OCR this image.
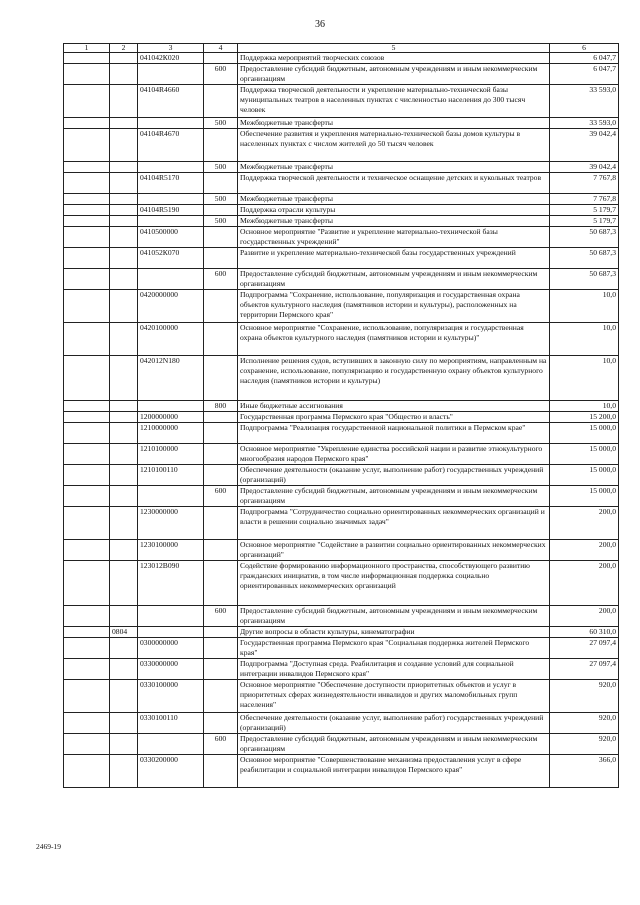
36
1	2	3	4	5	6
		041042К020		Поддержка мероприятий творческих союзов	6 047,7
			600	Предоставление субсидий бюджетным, автономным учреждениям и иным некоммерческим организациям	6 047,7
		04104R4660		Поддержка творческой деятельности и укрепление материально-технической базы муниципальных театров в населенных пунктах с численностью населения до 300 тысяч человек	33 593,0
			500	Межбюджетные трансферты	33 593,0
		04104R4670		Обеспечение развития и укрепления материально-технической базы домов культуры в населенных пунктах с числом жителей до 50 тысяч человек	39 042,4
			500	Межбюджетные трансферты	39 042,4
		04104R5170		Поддержка творческой деятельности и техническое оснащение детских и кукольных театров	7 767,8
			500	Межбюджетные трансферты	7 767,8
		04104R5190		Поддержка отрасли культуры	5 179,7
			500	Межбюджетные трансферты	5 179,7
		0410500000		Основное мероприятие "Развитие и укрепление материально-технической базы государственных учреждений"	50 687,3
		041052К070		Развитие и укрепление материально-технической базы государственных учреждений	50 687,3
			600	Предоставление субсидий бюджетным, автономным учреждениям и иным некоммерческим организациям	50 687,3
		0420000000		Подпрограмма "Сохранение, использование, популяризация и государственная охрана объектов культурного наследия (памятников истории и культуры), расположенных на территории Пермского края"	10,0
		0420100000		Основное мероприятие "Сохранение, использование, популяризация и государственная охрана объектов культурного наследия (памятников истории и культуры)"	10,0
		042012N180		Исполнение решения судов, вступивших в законную силу по мероприятиям, направленным на сохранение, использование, популяризацию и государственную охрану объектов культурного наследия (памятников истории и культуры)	10,0
			800	Иные бюджетные ассигнования	10,0
		1200000000		Государственная программа Пермского края "Общество и власть"	15 200,0
		1210000000		Подпрограмма "Реализация государственной национальной политики в Пермском крае"	15 000,0
		1210100000		Основное мероприятие "Укрепление единства российской нации и развитие этнокультурного многообразия народов Пермского края"	15 000,0
		1210100110		Обеспечение деятельности (оказание услуг, выполнение работ) государственных учреждений (организаций)	15 000,0
			600	Предоставление субсидий бюджетным, автономным учреждениям и иным некоммерческим организациям	15 000,0
		1230000000		Подпрограмма "Сотрудничество социально ориентированных некоммерческих организаций и власти в решении социально значимых задач"	200,0
		1230100000		Основное мероприятие "Содействие в развитии социально ориентированных некоммерческих организаций"	200,0
		123012В090		Содействие формированию информационного пространства, способствующего развитию гражданских инициатив, в том числе информационная поддержка социально ориентированных некоммерческих организаций	200,0
			600	Предоставление субсидий бюджетным, автономным учреждениям и иным некоммерческим организациям	200,0
	0804			Другие вопросы в области культуры, кинематографии	60 310,0
		0300000000		Государственная программа Пермского края "Социальная поддержка жителей Пермского края"	27 097,4
		0330000000		Подпрограмма "Доступная среда. Реабилитация и создание условий для социальной интеграции инвалидов Пермского края"	27 097,4
		0330100000		Основное мероприятие "Обеспечение доступности приоритетных объектов и услуг в приоритетных сферах жизнедеятельности инвалидов и других маломобильных групп населения"	920,0
		0330100110		Обеспечение деятельности (оказание услуг, выполнение работ) государственных учреждений (организаций)	920,0
			600	Предоставление субсидий бюджетным, автономным учреждениям и иным некоммерческим организациям	920,0
		0330200000		Основное мероприятие "Совершенствование механизма предоставления услуг в сфере реабилитации и социальной интеграции инвалидов Пермского края"	366,0
2469-19
